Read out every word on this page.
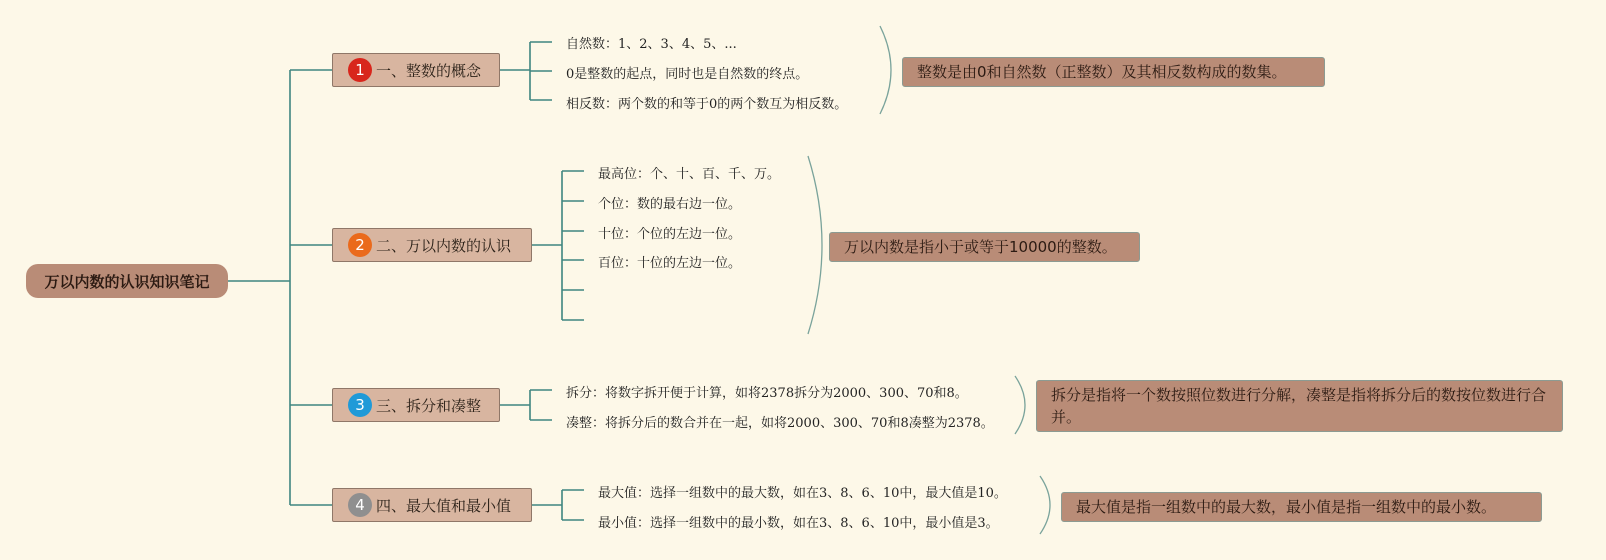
万以内数的认识知识笔记
1 一、整数的概念
自然数：1、2、3、4、5、...
0是整数的起点，同时也是自然数的终点。
相反数：两个数的和等于0的两个数互为相反数。
整数是由0和自然数（正整数）及其相反数构成的数集。
2 二、万以内数的认识
最高位：个、十、百、千、万。
个位：数的最右边一位。
十位：个位的左边一位。
百位：十位的左边一位。
万以内数是指小于或等于10000的整数。
3 三、拆分和凑整
拆分：将数字拆开便于计算，如将2378拆分为2000、300、70和8。
凑整：将拆分后的数合并在一起，如将2000、300、70和8凑整为2378。
拆分是指将一个数按照位数进行分解，凑整是指将拆分后的数按位数进行合并。
4 四、最大值和最小值
最大值：选择一组数中的最大数，如在3、8、6、10中，最大值是10。
最小值：选择一组数中的最小数，如在3、8、6、10中，最小值是3。
最大值是指一组数中的最大数，最小值是指一组数中的最小数。
